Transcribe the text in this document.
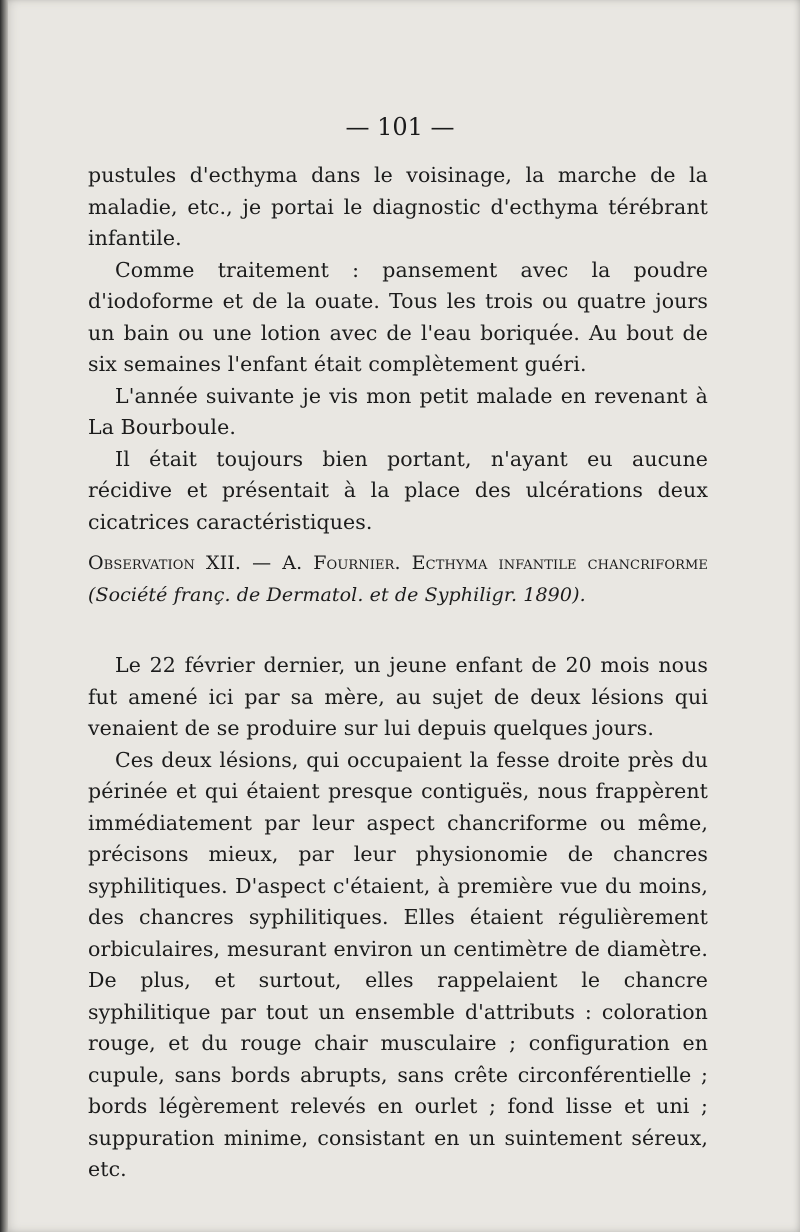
— 101 —

pustules d'ecthyma dans le voisinage, la marche de la maladie, etc., je portai le diagnostic d'ecthyma térébrant infantile.

Comme traitement : pansement avec la poudre d'iodoforme et de la ouate. Tous les trois ou quatre jours un bain ou une lotion avec de l'eau boriquée. Au bout de six semaines l'enfant était complètement guéri.

L'année suivante je vis mon petit malade en revenant à La Bourboule.

Il était toujours bien portant, n'ayant eu aucune récidive et présentait à la place des ulcérations deux cicatrices caractéristiques.

Observation XII. — A. Fournier. Ecthyma infantile chancriforme (Société franç. de Dermatol. et de Syphiligr. 1890).

Le 22 février dernier, un jeune enfant de 20 mois nous fut amené ici par sa mère, au sujet de deux lésions qui venaient de se produire sur lui depuis quelques jours.

Ces deux lésions, qui occupaient la fesse droite près du périnée et qui étaient presque contiguës, nous frappèrent immédiatement par leur aspect chancriforme ou même, précisons mieux, par leur physionomie de chancres syphilitiques. D'aspect c'étaient, à première vue du moins, des chancres syphilitiques. Elles étaient régulièrement orbiculaires, mesurant environ un centimètre de diamètre. De plus, et surtout, elles rappelaient le chancre syphilitique par tout un ensemble d'attributs : coloration rouge, et du rouge chair musculaire ; configuration en cupule, sans bords abrupts, sans crête circonférentielle ; bords légèrement relevés en ourlet ; fond lisse et uni ; suppuration minime, consistant en un suintement séreux, etc.
